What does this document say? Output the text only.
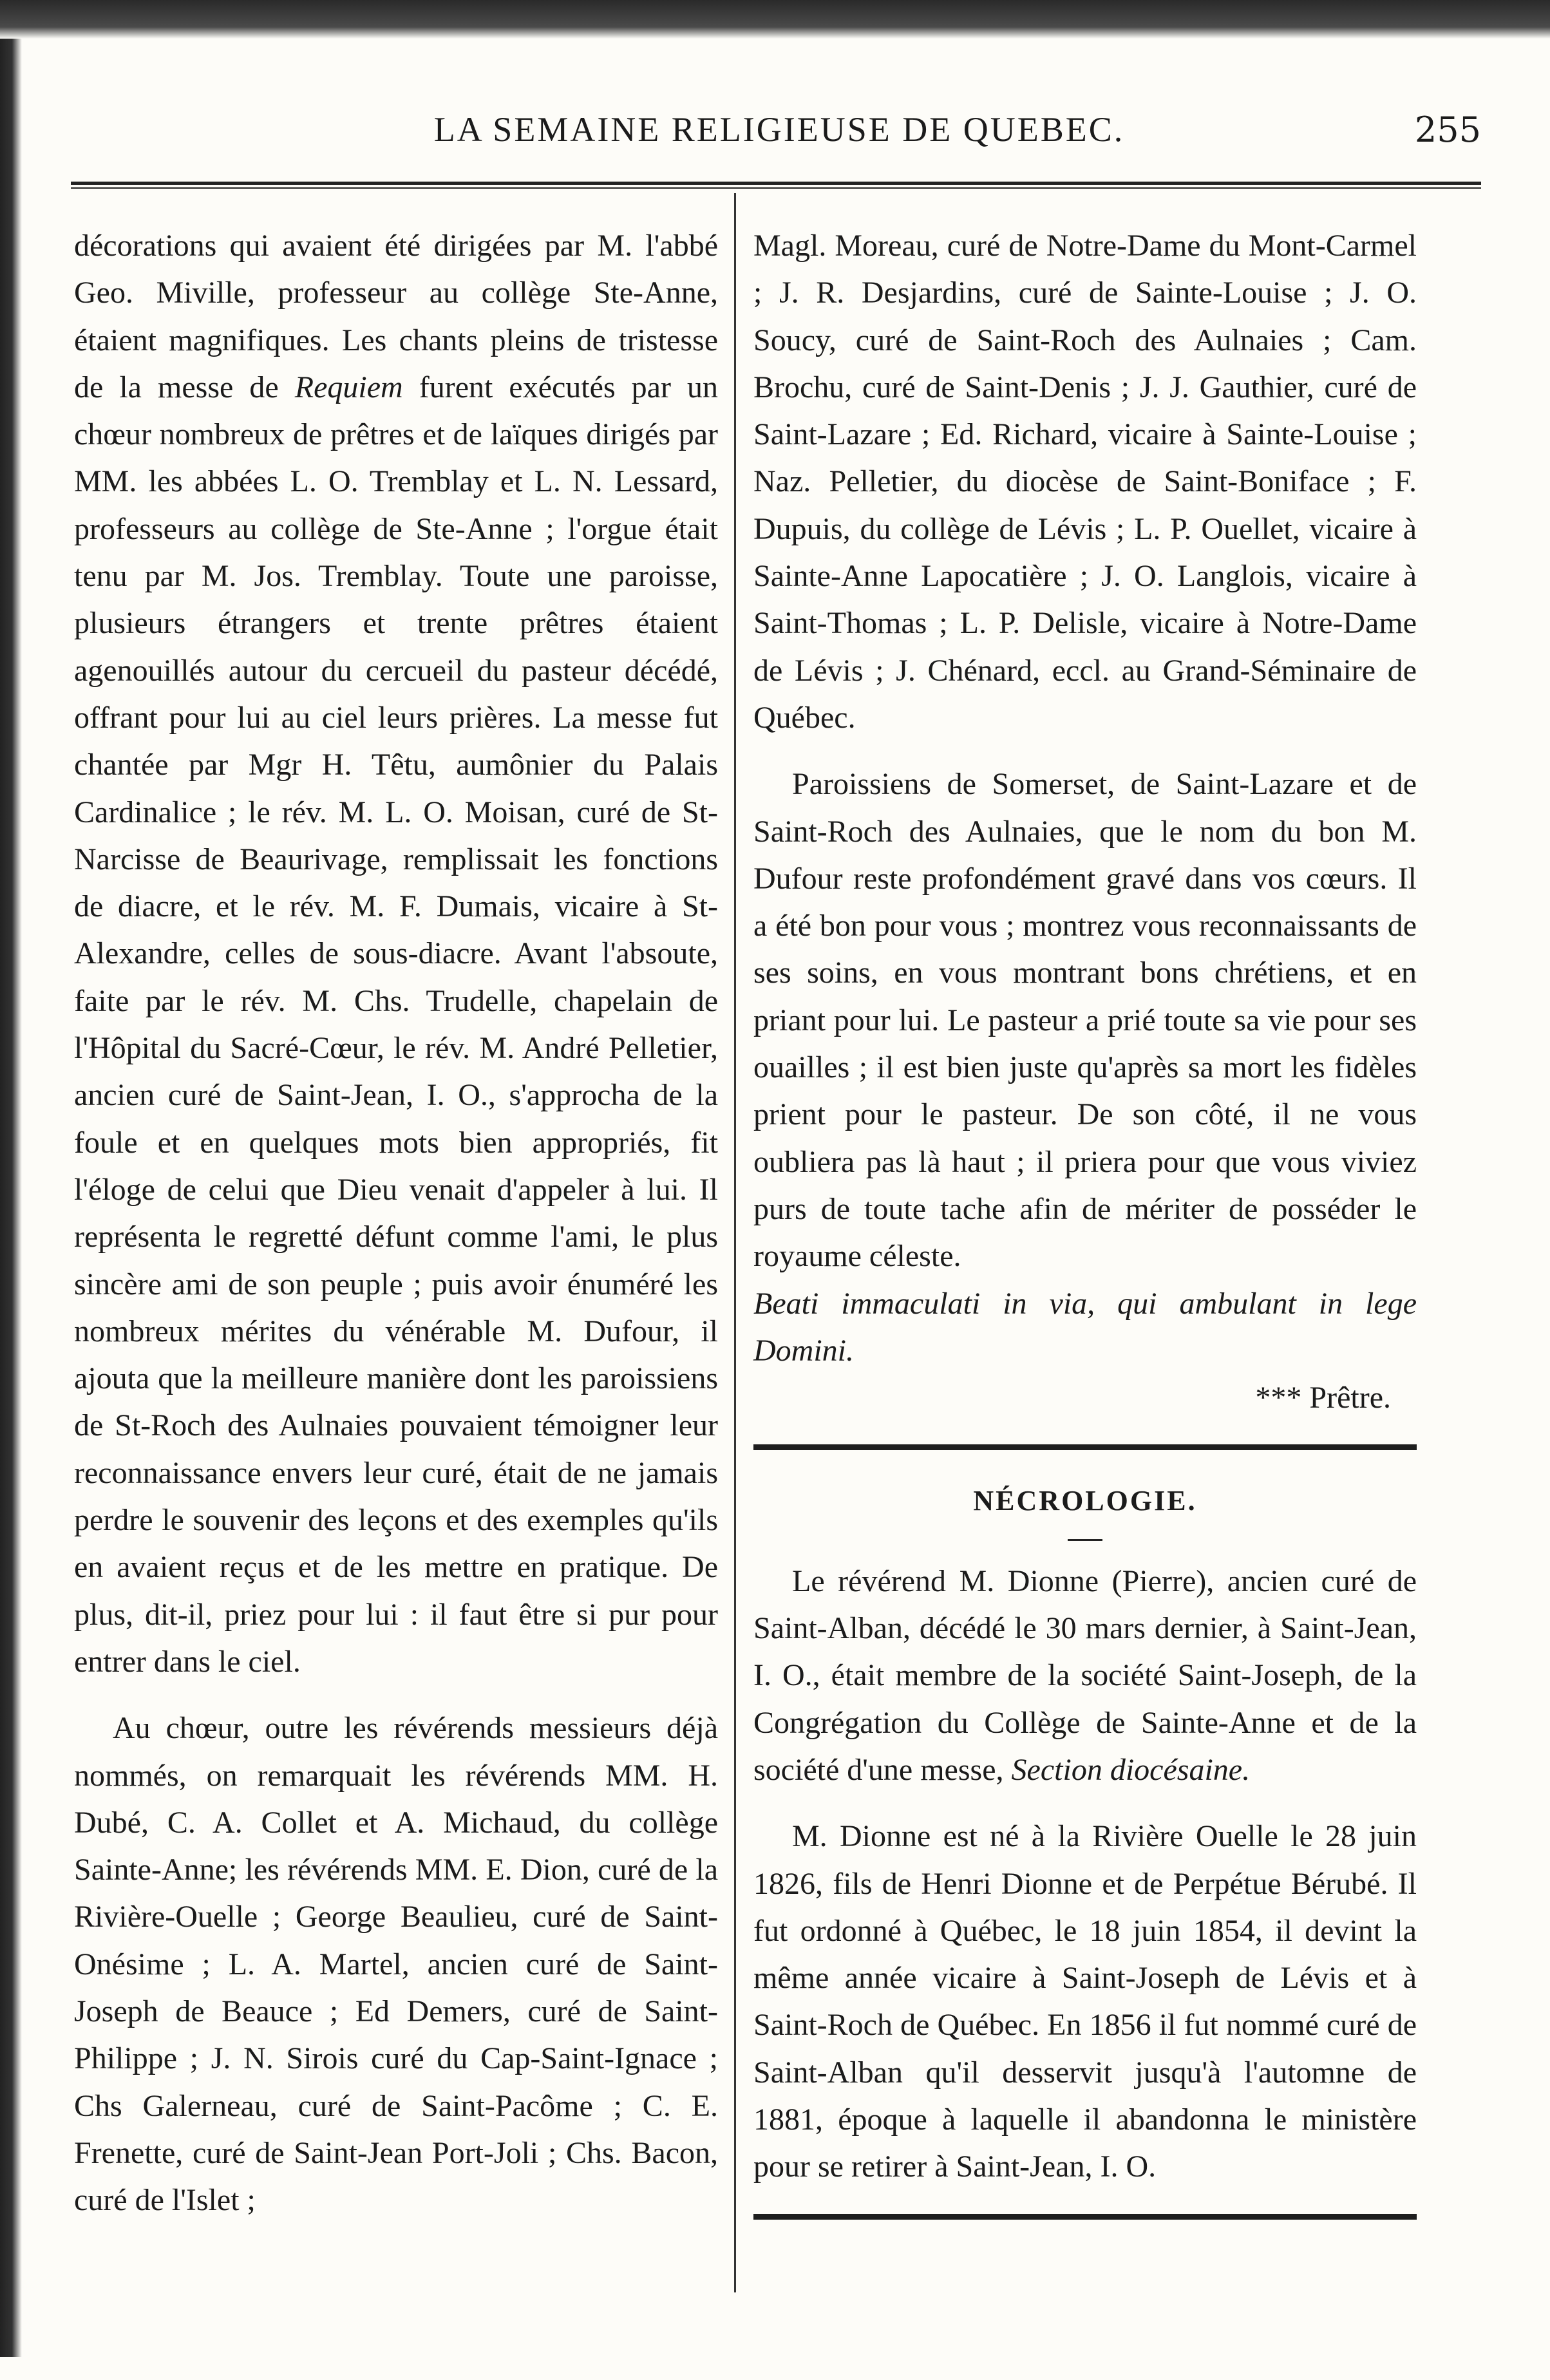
LA SEMAINE RELIGIEUSE DE QUEBEC.	255

décorations qui avaient été dirigées par M. l'abbé Geo. Miville, professeur au collège Ste-Anne, étaient magnifiques. Les chants pleins de tristesse de la messe de Requiem furent exécutés par un chœur nombreux de prêtres et de laïques dirigés par MM. les abbées L. O. Tremblay et L. N. Lessard, professeurs au collège de Ste-Anne ; l'orgue était tenu par M. Jos. Tremblay. Toute une paroisse, plusieurs étrangers et trente prêtres étaient agenouillés autour du cercueil du pasteur décédé, offrant pour lui au ciel leurs prières. La messe fut chantée par Mgr H. Têtu, aumônier du Palais Cardinalice ; le rév. M. L. O. Moisan, curé de St-Narcisse de Beaurivage, remplissait les fonctions de diacre, et le rév. M. F. Dumais, vicaire à St-Alexandre, celles de sous-diacre. Avant l'absoute, faite par le rév. M. Chs. Trudelle, chapelain de l'Hôpital du Sacré-Cœur, le rév. M. André Pelletier, ancien curé de Saint-Jean, I. O., s'approcha de la foule et en quelques mots bien appropriés, fit l'éloge de celui que Dieu venait d'appeler à lui. Il représenta le regretté défunt comme l'ami, le plus sincère ami de son peuple ; puis avoir énuméré les nombreux mérites du vénérable M. Dufour, il ajouta que la meilleure manière dont les paroissiens de St-Roch des Aulnaies pouvaient témoigner leur reconnaissance envers leur curé, était de ne jamais perdre le souvenir des leçons et des exemples qu'ils en avaient reçus et de les mettre en pratique. De plus, dit-il, priez pour lui : il faut être si pur pour entrer dans le ciel.

Au chœur, outre les révérends messieurs déjà nommés, on remarquait les révérends MM. H. Dubé, C. A. Collet et A. Michaud, du collège Sainte-Anne; les révérends MM. E. Dion, curé de la Rivière-Ouelle ; George Beaulieu, curé de Saint-Onésime ; L. A. Martel, ancien curé de Saint-Joseph de Beauce ; Ed Demers, curé de Saint-Philippe ; J. N. Sirois curé du Cap-Saint-Ignace ; Chs Galerneau, curé de Saint-Pacôme ; C. E. Frenette, curé de Saint-Jean Port-Joli ; Chs. Bacon, curé de l'Islet ;

Magl. Moreau, curé de Notre-Dame du Mont-Carmel ; J. R. Desjardins, curé de Sainte-Louise ; J. O. Soucy, curé de Saint-Roch des Aulnaies ; Cam. Brochu, curé de Saint-Denis ; J. J. Gauthier, curé de Saint-Lazare ; Ed. Richard, vicaire à Sainte-Louise ; Naz. Pelletier, du diocèse de Saint-Boniface ; F. Dupuis, du collège de Lévis ; L. P. Ouellet, vicaire à Sainte-Anne Lapocatière ; J. O. Langlois, vicaire à Saint-Thomas ; L. P. Delisle, vicaire à Notre-Dame de Lévis ; J. Chénard, eccl. au Grand-Séminaire de Québec.

Paroissiens de Somerset, de Saint-Lazare et de Saint-Roch des Aulnaies, que le nom du bon M. Dufour reste profondément gravé dans vos cœurs. Il a été bon pour vous ; montrez vous reconnaissants de ses soins, en vous montrant bons chrétiens, et en priant pour lui. Le pasteur a prié toute sa vie pour ses ouailles ; il est bien juste qu'après sa mort les fidèles prient pour le pasteur. De son côté, il ne vous oubliera pas là haut ; il priera pour que vous viviez purs de toute tache afin de mériter de posséder le royaume céleste.

Beati immaculati in via, qui ambulant in lege Domini.

*** Prêtre.

NÉCROLOGIE.

Le révérend M. Dionne (Pierre), ancien curé de Saint-Alban, décédé le 30 mars dernier, à Saint-Jean, I. O., était membre de la société Saint-Joseph, de la Congrégation du Collège de Sainte-Anne et de la société d'une messe, Section diocésaine.

M. Dionne est né à la Rivière Ouelle le 28 juin 1826, fils de Henri Dionne et de Perpétue Bérubé. Il fut ordonné à Québec, le 18 juin 1854, il devint la même année vicaire à Saint-Joseph de Lévis et à Saint-Roch de Québec. En 1856 il fut nommé curé de Saint-Alban qu'il desservit jusqu'à l'automne de 1881, époque à laquelle il abandonna le ministère pour se retirer à Saint-Jean, I. O.
